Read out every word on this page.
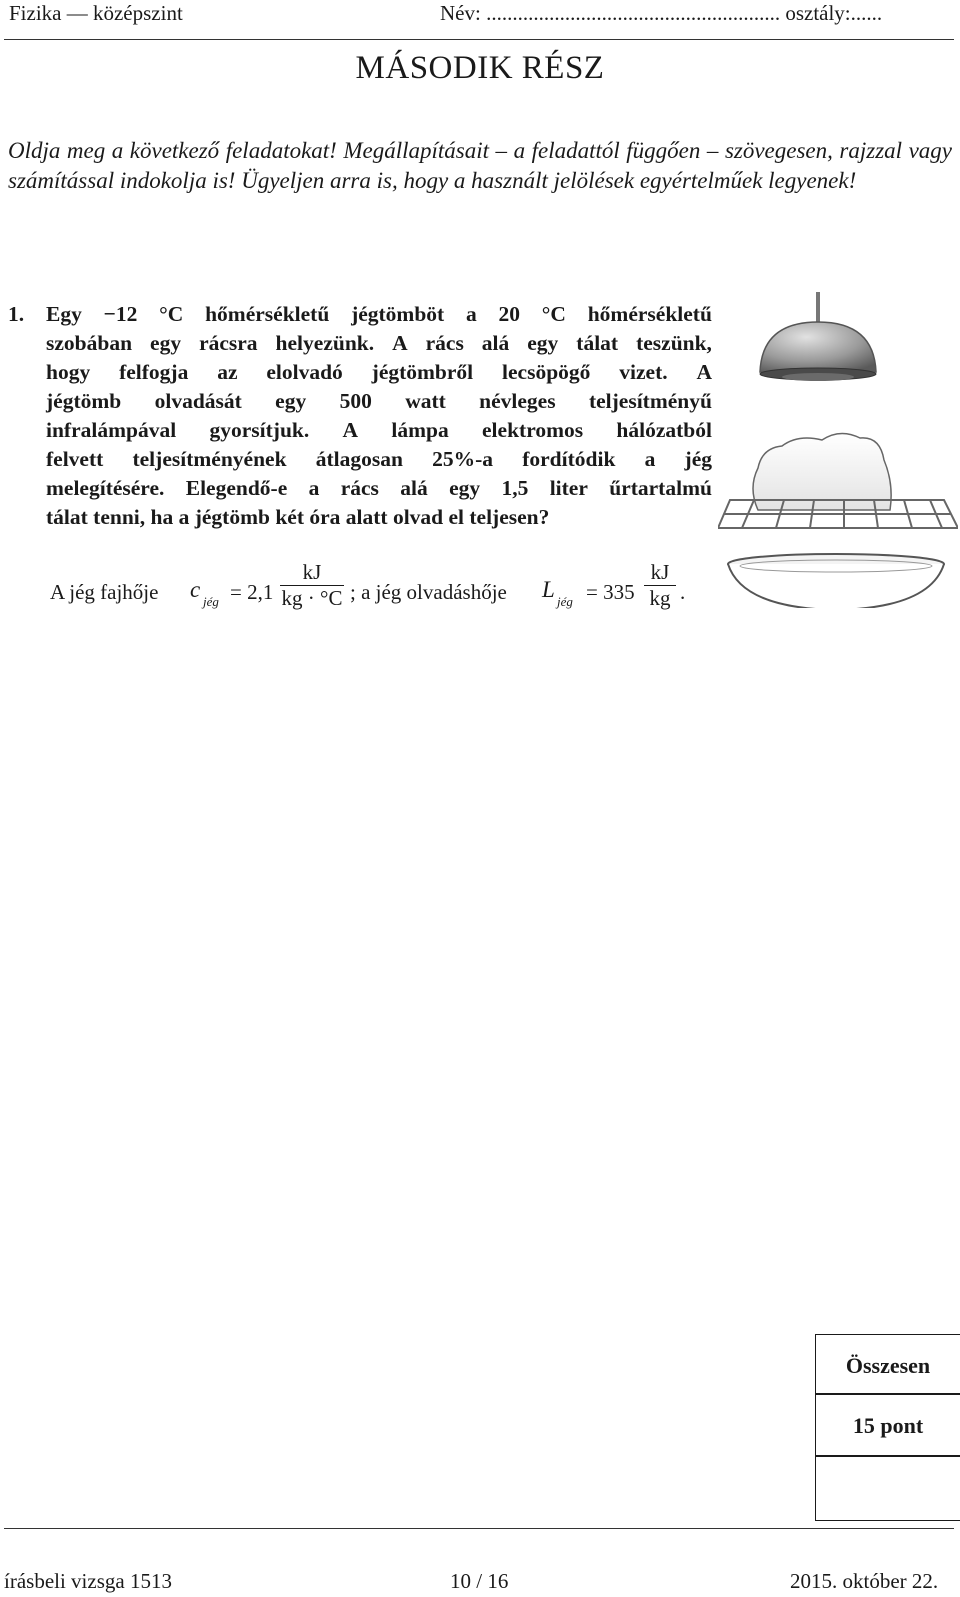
Fizika — középszint	Név: ........................................................ osztály:......
MÁSODIK RÉSZ
Oldja meg a következő feladatokat! Megállapításait – a feladattól függően – szövegesen, rajzzal vagy számítással indokolja is! Ügyeljen arra is, hogy a használt jelölések egyértelműek legyenek!
1. Egy −12 °C hőmérsékletű jégtömböt a 20 °C hőmérsékletű
szobában egy rácsra helyezünk. A rács alá egy tálat teszünk,
hogy felfogja az elolvadó jégtömbről lecsöpögő vizet. A
jégtömb olvadását egy 500 watt névleges teljesítményű
infralámpával gyorsítjuk. A lámpa elektromos hálózatból
felvett teljesítményének átlagosan 25%-a fordítódik a jég
melegítésére. Elegendő-e a rács alá egy 1,5 liter űrtartalmú
tálat tenni, ha a jégtömb két óra alatt olvad el teljesen?
A jég fajhője c jég = 2,1
kJ
kg · °C ; a jég olvadáshője L jég = 335
kJ
kg .
Összesen
15 pont
írásbeli vizsga 1513	10 / 16	2015. október 22.
